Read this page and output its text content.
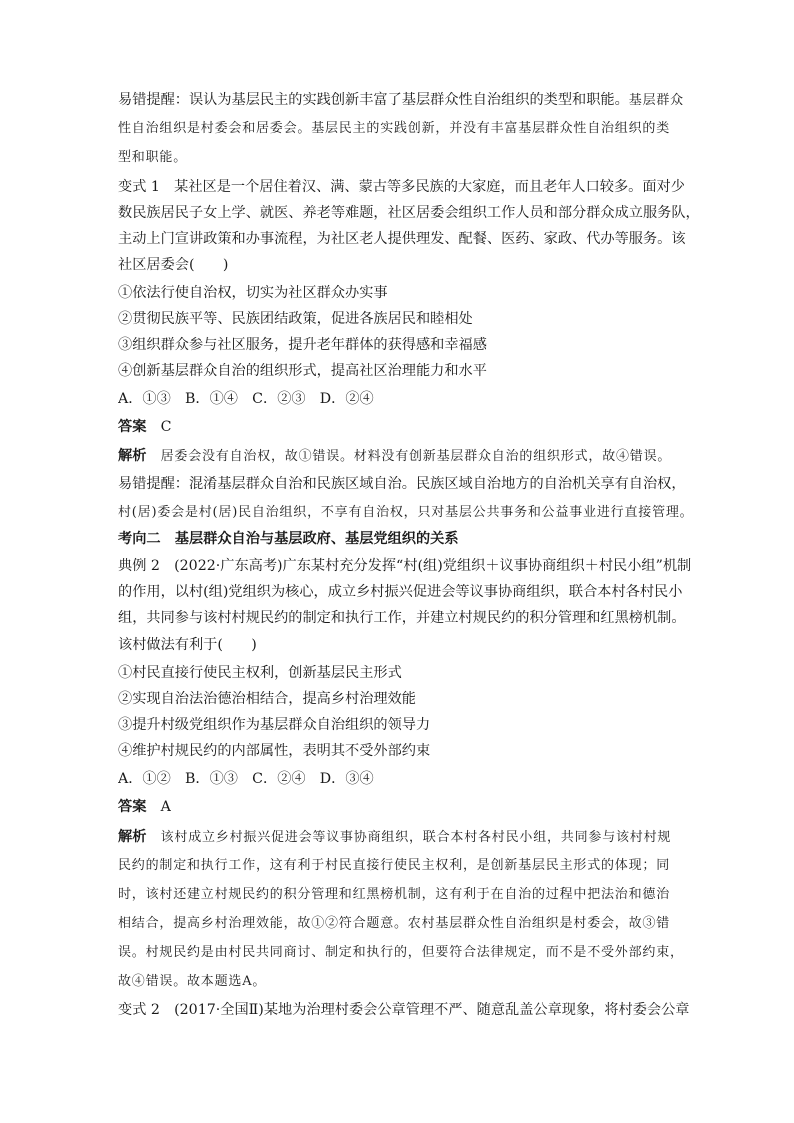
易错提醒：误认为基层民主的实践创新丰富了基层群众性自治组织的类型和职能。基层群众
性自治组织是村委会和居委会。基层民主的实践创新，并没有丰富基层群众性自治组织的类
型和职能。
变式 1　 某社区是一个居住着汉、满、蒙古等多民族的大家庭，而且老年人口较多。面对少
数民族居民子女上学、就医、养老等难题，社区居委会组织工作人员和部分群众成立服务队，
主动上门宣讲政策和办事流程，为社区老人提供理发、配餐、医药、家政、代办等服务。该
社区居委会(　　)
①依法行使自治权，切实为社区群众办实事
②贯彻民族平等、民族团结政策，促进各族居民和睦相处
③组织群众参与社区服务，提升老年群体的获得感和幸福感
④创新基层群众自治的组织形式，提高社区治理能力和水平
A．①③　B．①④　C．②③　D．②④
答案　 C
解析　 居委会没有自治权，故①错误。材料没有创新基层群众自治的组织形式，故④错误。
易错提醒：混淆基层群众自治和民族区域自治。民族区域自治地方的自治机关享有自治权，
村(居)委会是村(居)民自治组织，不享有自治权，只对基层公共事务和公益事业进行直接管理。
考向二　基层群众自治与基层政府、基层党组织的关系
典例 2　 (2022·广东高考)广东某村充分发挥“村(组)党组织＋议事协商组织＋村民小组”机制
的作用，以村(组)党组织为核心，成立乡村振兴促进会等议事协商组织，联合本村各村民小
组，共同参与该村村规民约的制定和执行工作，并建立村规民约的积分管理和红黑榜机制。
该村做法有利于(　　)
①村民直接行使民主权利，创新基层民主形式
②实现自治法治德治相结合，提高乡村治理效能
③提升村级党组织作为基层群众自治组织的领导力
④维护村规民约的内部属性，表明其不受外部约束
A．①②　B．①③　C．②④　D．③④
答案　 A
解析　 该村成立乡村振兴促进会等议事协商组织，联合本村各村民小组，共同参与该村村规
民约的制定和执行工作，这有利于村民直接行使民主权利，是创新基层民主形式的体现；同
时，该村还建立村规民约的积分管理和红黑榜机制，这有利于在自治的过程中把法治和德治
相结合，提高乡村治理效能，故①②符合题意。农村基层群众性自治组织是村委会，故③错
误。村规民约是由村民共同商讨、制定和执行的，但要符合法律规定，而不是不受外部约束，
故④错误。故本题选A。
变式 2　 (2017·全国Ⅱ)某地为治理村委会公章管理不严、随意乱盖公章现象，将村委会公章
